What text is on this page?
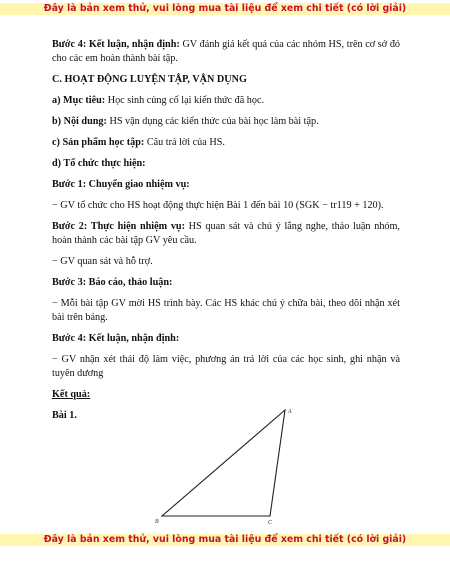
Đây là bản xem thử, vui lòng mua tài liệu để xem chi tiết (có lời giải)

Bước 4: Kết luận, nhận định: GV đánh giá kết quả của các nhóm HS, trên cơ sở đó cho các em hoàn thành bài tập.

C. HOẠT ĐỘNG LUYỆN TẬP, VẬN DỤNG

a) Mục tiêu: Học sinh củng cố lại kiến thức đã học.

b) Nội dung: HS vận dụng các kiến thức của bài học làm bài tập.

c) Sản phẩm học tập: Câu trả lời của HS.

d) Tổ chức thực hiện:

Bước 1: Chuyển giao nhiệm vụ:

− GV tổ chức cho HS hoạt động thực hiện Bài 1 đến bài 10 (SGK − tr119 + 120).

Bước 2: Thực hiện nhiệm vụ: HS quan sát và chú ý lắng nghe, thảo luận nhóm, hoàn thành các bài tập GV yêu cầu.

− GV quan sát và hỗ trợ.

Bước 3: Báo cáo, thảo luận:

− Mỗi bài tập GV mời HS trình bày. Các HS khác chú ý chữa bài, theo dõi nhận xét bài trên bảng.

Bước 4: Kết luận, nhận định:

− GV nhận xét thái độ làm việc, phương án trả lời của các học sinh, ghi nhận và tuyên dương

Kết quả:

Bài 1.	A
B	C
Đây là bản xem thử, vui lòng mua tài liệu để xem chi tiết (có lời giải)
